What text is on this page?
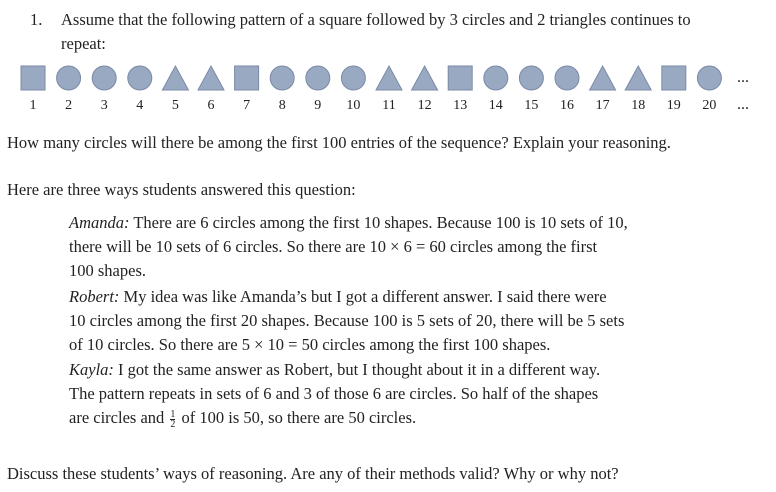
1. Assume that the following pattern of a square followed by 3 circles and 2 triangles continues to
repeat:
1 2 3 4 5 6 7 8 9 10 11 12 13 14 15 16 17 18 19 20
...
...
How many circles will there be among the first 100 entries of the sequence? Explain your reasoning.
Here are three ways students answered this question:
Amanda: There are 6 circles among the first 10 shapes. Because 100 is 10 sets of 10,
there will be 10 sets of 6 circles. So there are 10 × 6 = 60 circles among the first
100 shapes.
Robert: My idea was like Amanda’s but I got a different answer. I said there were
10 circles among the first 20 shapes. Because 100 is 5 sets of 20, there will be 5 sets
of 10 circles. So there are 5 × 10 = 50 circles among the first 100 shapes.
Kayla: I got the same answer as Robert, but I thought about it in a different way.
The pattern repeats in sets of 6 and 3 of those 6 are circles. So half of the shapes
are circles and $\frac{1}{2}$ of 100 is 50, so there are 50 circles.
Discuss these students’ ways of reasoning. Are any of their methods valid? Why or why not?
